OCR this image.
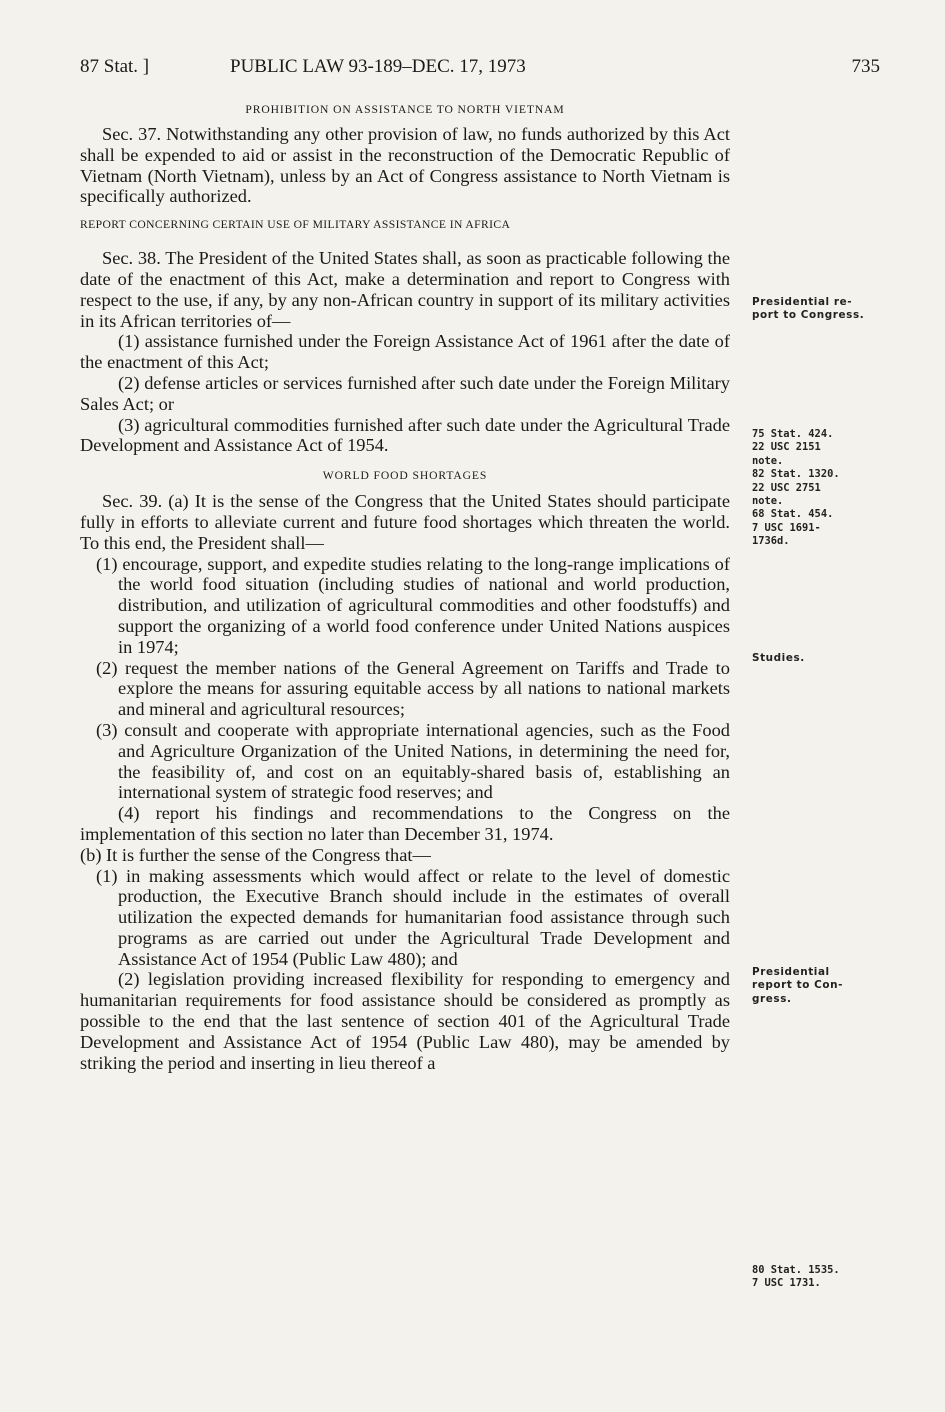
87 Stat. ]	PUBLIC LAW 93-189–DEC. 17, 1973	735
PROHIBITION ON ASSISTANCE TO NORTH VIETNAM

Sec. 37. Notwithstanding any other provision of law, no funds authorized by this Act shall be expended to aid or assist in the reconstruction of the Democratic Republic of Vietnam (North Vietnam), unless by an Act of Congress assistance to North Vietnam is specifically authorized.

REPORT CONCERNING CERTAIN USE OF MILITARY ASSISTANCE IN AFRICA

Sec. 38. The President of the United States shall, as soon as practicable following the date of the enactment of this Act, make a determination and report to Congress with respect to the use, if any, by any non-African country in support of its military activities in its African territories of—

(1) assistance furnished under the Foreign Assistance Act of 1961 after the date of the enactment of this Act;

(2) defense articles or services furnished after such date under the Foreign Military Sales Act; or

(3) agricultural commodities furnished after such date under the Agricultural Trade Development and Assistance Act of 1954.

WORLD FOOD SHORTAGES

Sec. 39. (a) It is the sense of the Congress that the United States should participate fully in efforts to alleviate current and future food shortages which threaten the world. To this end, the President shall—

(1) encourage, support, and expedite studies relating to the long-range implications of the world food situation (including studies of national and world production, distribution, and utilization of agricultural commodities and other foodstuffs) and support the organizing of a world food conference under United Nations auspices in 1974;

(2) request the member nations of the General Agreement on Tariffs and Trade to explore the means for assuring equitable access by all nations to national markets and mineral and agricultural resources;

(3) consult and cooperate with appropriate international agencies, such as the Food and Agriculture Organization of the United Nations, in determining the need for, the feasibility of, and cost on an equitably-shared basis of, establishing an international system of strategic food reserves; and

(4) report his findings and recommendations to the Congress on the implementation of this section no later than December 31, 1974.

(b) It is further the sense of the Congress that—

(1) in making assessments which would affect or relate to the level of domestic production, the Executive Branch should include in the estimates of overall utilization the expected demands for humanitarian food assistance through such programs as are carried out under the Agricultural Trade Development and Assistance Act of 1954 (Public Law 480); and

(2) legislation providing increased flexibility for responding to emergency and humanitarian requirements for food assistance should be considered as promptly as possible to the end that the last sentence of section 401 of the Agricultural Trade Development and Assistance Act of 1954 (Public Law 480), may be amended by striking the period and inserting in lieu thereof a

Presidential re-
port to Congress.
75 Stat. 424.
22 USC 2151
note.
82 Stat. 1320.
22 USC 2751
note.
68 Stat. 454.
7 USC 1691-
1736d.
Studies.
Presidential
report to Con-
gress.
80 Stat. 1535.
7 USC 1731.
